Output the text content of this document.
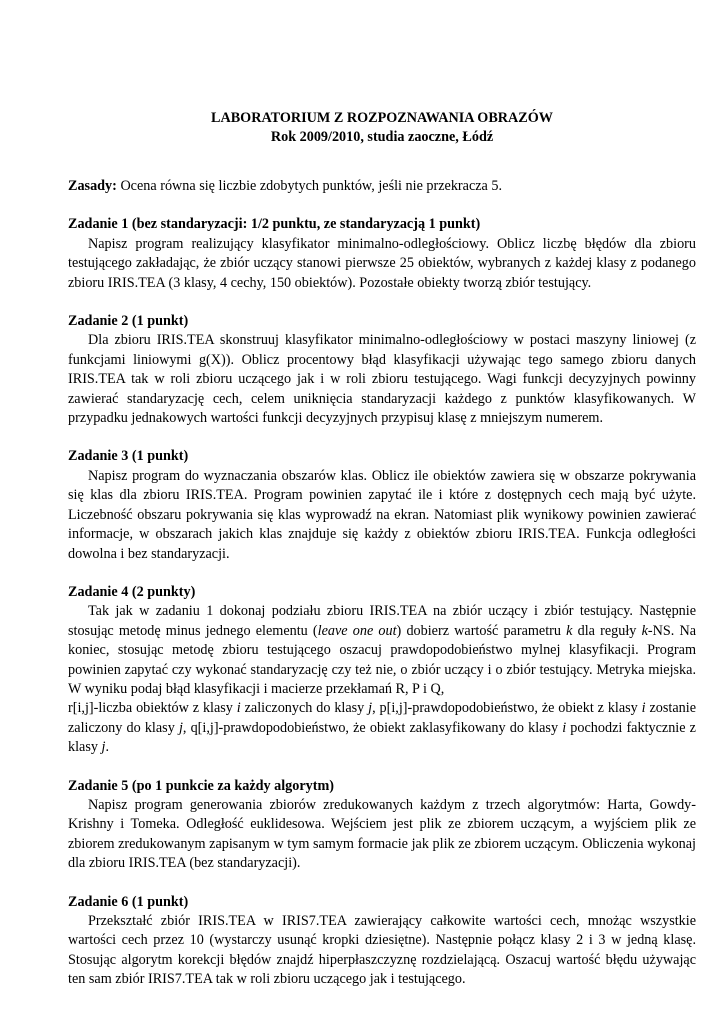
LABORATORIUM Z ROZPOZNAWANIA OBRAZÓW
Rok 2009/2010, studia zaoczne, Łódź
Zasady: Ocena równa się liczbie zdobytych punktów, jeśli nie przekracza 5.
Zadanie 1 (bez standaryzacji: 1/2 punktu, ze standaryzacją 1 punkt)

Napisz program realizujący klasyfikator minimalno-odległościowy. Oblicz liczbę błędów dla zbioru testującego zakładając, że zbiór uczący stanowi pierwsze 25 obiektów, wybranych z każdej klasy z podanego zbioru IRIS.TEA (3 klasy, 4 cechy, 150 obiektów). Pozostałe obiekty tworzą zbiór testujący.

Zadanie 2 (1 punkt)

Dla zbioru IRIS.TEA skonstruuj klasyfikator minimalno-odległościowy w postaci maszyny liniowej (z funkcjami liniowymi g(X)). Oblicz procentowy błąd klasyfikacji używając tego samego zbioru danych IRIS.TEA tak w roli zbioru uczącego jak i w roli zbioru testującego. Wagi funkcji decyzyjnych powinny zawierać standaryzację cech, celem uniknięcia standaryzacji każdego z punktów klasyfikowanych. W przypadku jednakowych wartości funkcji decyzyjnych przypisuj klasę z mniejszym numerem.

Zadanie 3 (1 punkt)

Napisz program do wyznaczania obszarów klas. Oblicz ile obiektów zawiera się w obszarze pokrywania się klas dla zbioru IRIS.TEA. Program powinien zapytać ile i które z dostępnych cech mają być użyte. Liczebność obszaru pokrywania się klas wyprowadź na ekran. Natomiast plik wynikowy powinien zawierać informacje, w obszarach jakich klas znajduje się każdy z obiektów zbioru IRIS.TEA. Funkcja odległości dowolna i bez standaryzacji.

Zadanie 4 (2 punkty)

Tak jak w zadaniu 1 dokonaj podziału zbioru IRIS.TEA na zbiór uczący i zbiór testujący. Następnie stosując metodę minus jednego elementu (leave one out) dobierz wartość parametru k dla reguły k-NS. Na koniec, stosując metodę zbioru testującego oszacuj prawdopodobieństwo mylnej klasyfikacji. Program powinien zapytać czy wykonać standaryzację czy też nie, o zbiór uczący i o zbiór testujący. Metryka miejska. W wyniku podaj błąd klasyfikacji i macierze przekłamań R, P i Q,

r[i,j]-liczba obiektów z klasy i zaliczonych do klasy j, p[i,j]-prawdopodobieństwo, że obiekt z klasy i zostanie zaliczony do klasy j, q[i,j]-prawdopodobieństwo, że obiekt zaklasyfikowany do klasy i pochodzi faktycznie z klasy j.

Zadanie 5 (po 1 punkcie za każdy algorytm)

Napisz program generowania zbiorów zredukowanych każdym z trzech algorytmów: Harta, Gowdy-Krishny i Tomeka. Odległość euklidesowa. Wejściem jest plik ze zbiorem uczącym, a wyjściem plik ze zbiorem zredukowanym zapisanym w tym samym formacie jak plik ze zbiorem uczącym. Obliczenia wykonaj dla zbioru IRIS.TEA (bez standaryzacji).

Zadanie 6 (1 punkt)

Przekształć zbiór IRIS.TEA w IRIS7.TEA zawierający całkowite wartości cech, mnożąc wszystkie wartości cech przez 10 (wystarczy usunąć kropki dziesiętne). Następnie połącz klasy 2 i 3 w jedną klasę. Stosując algorytm korekcji błędów znajdź hiperpłaszczyznę rozdzielającą. Oszacuj wartość błędu używając ten sam zbiór IRIS7.TEA tak w roli zbioru uczącego jak i testującego.
